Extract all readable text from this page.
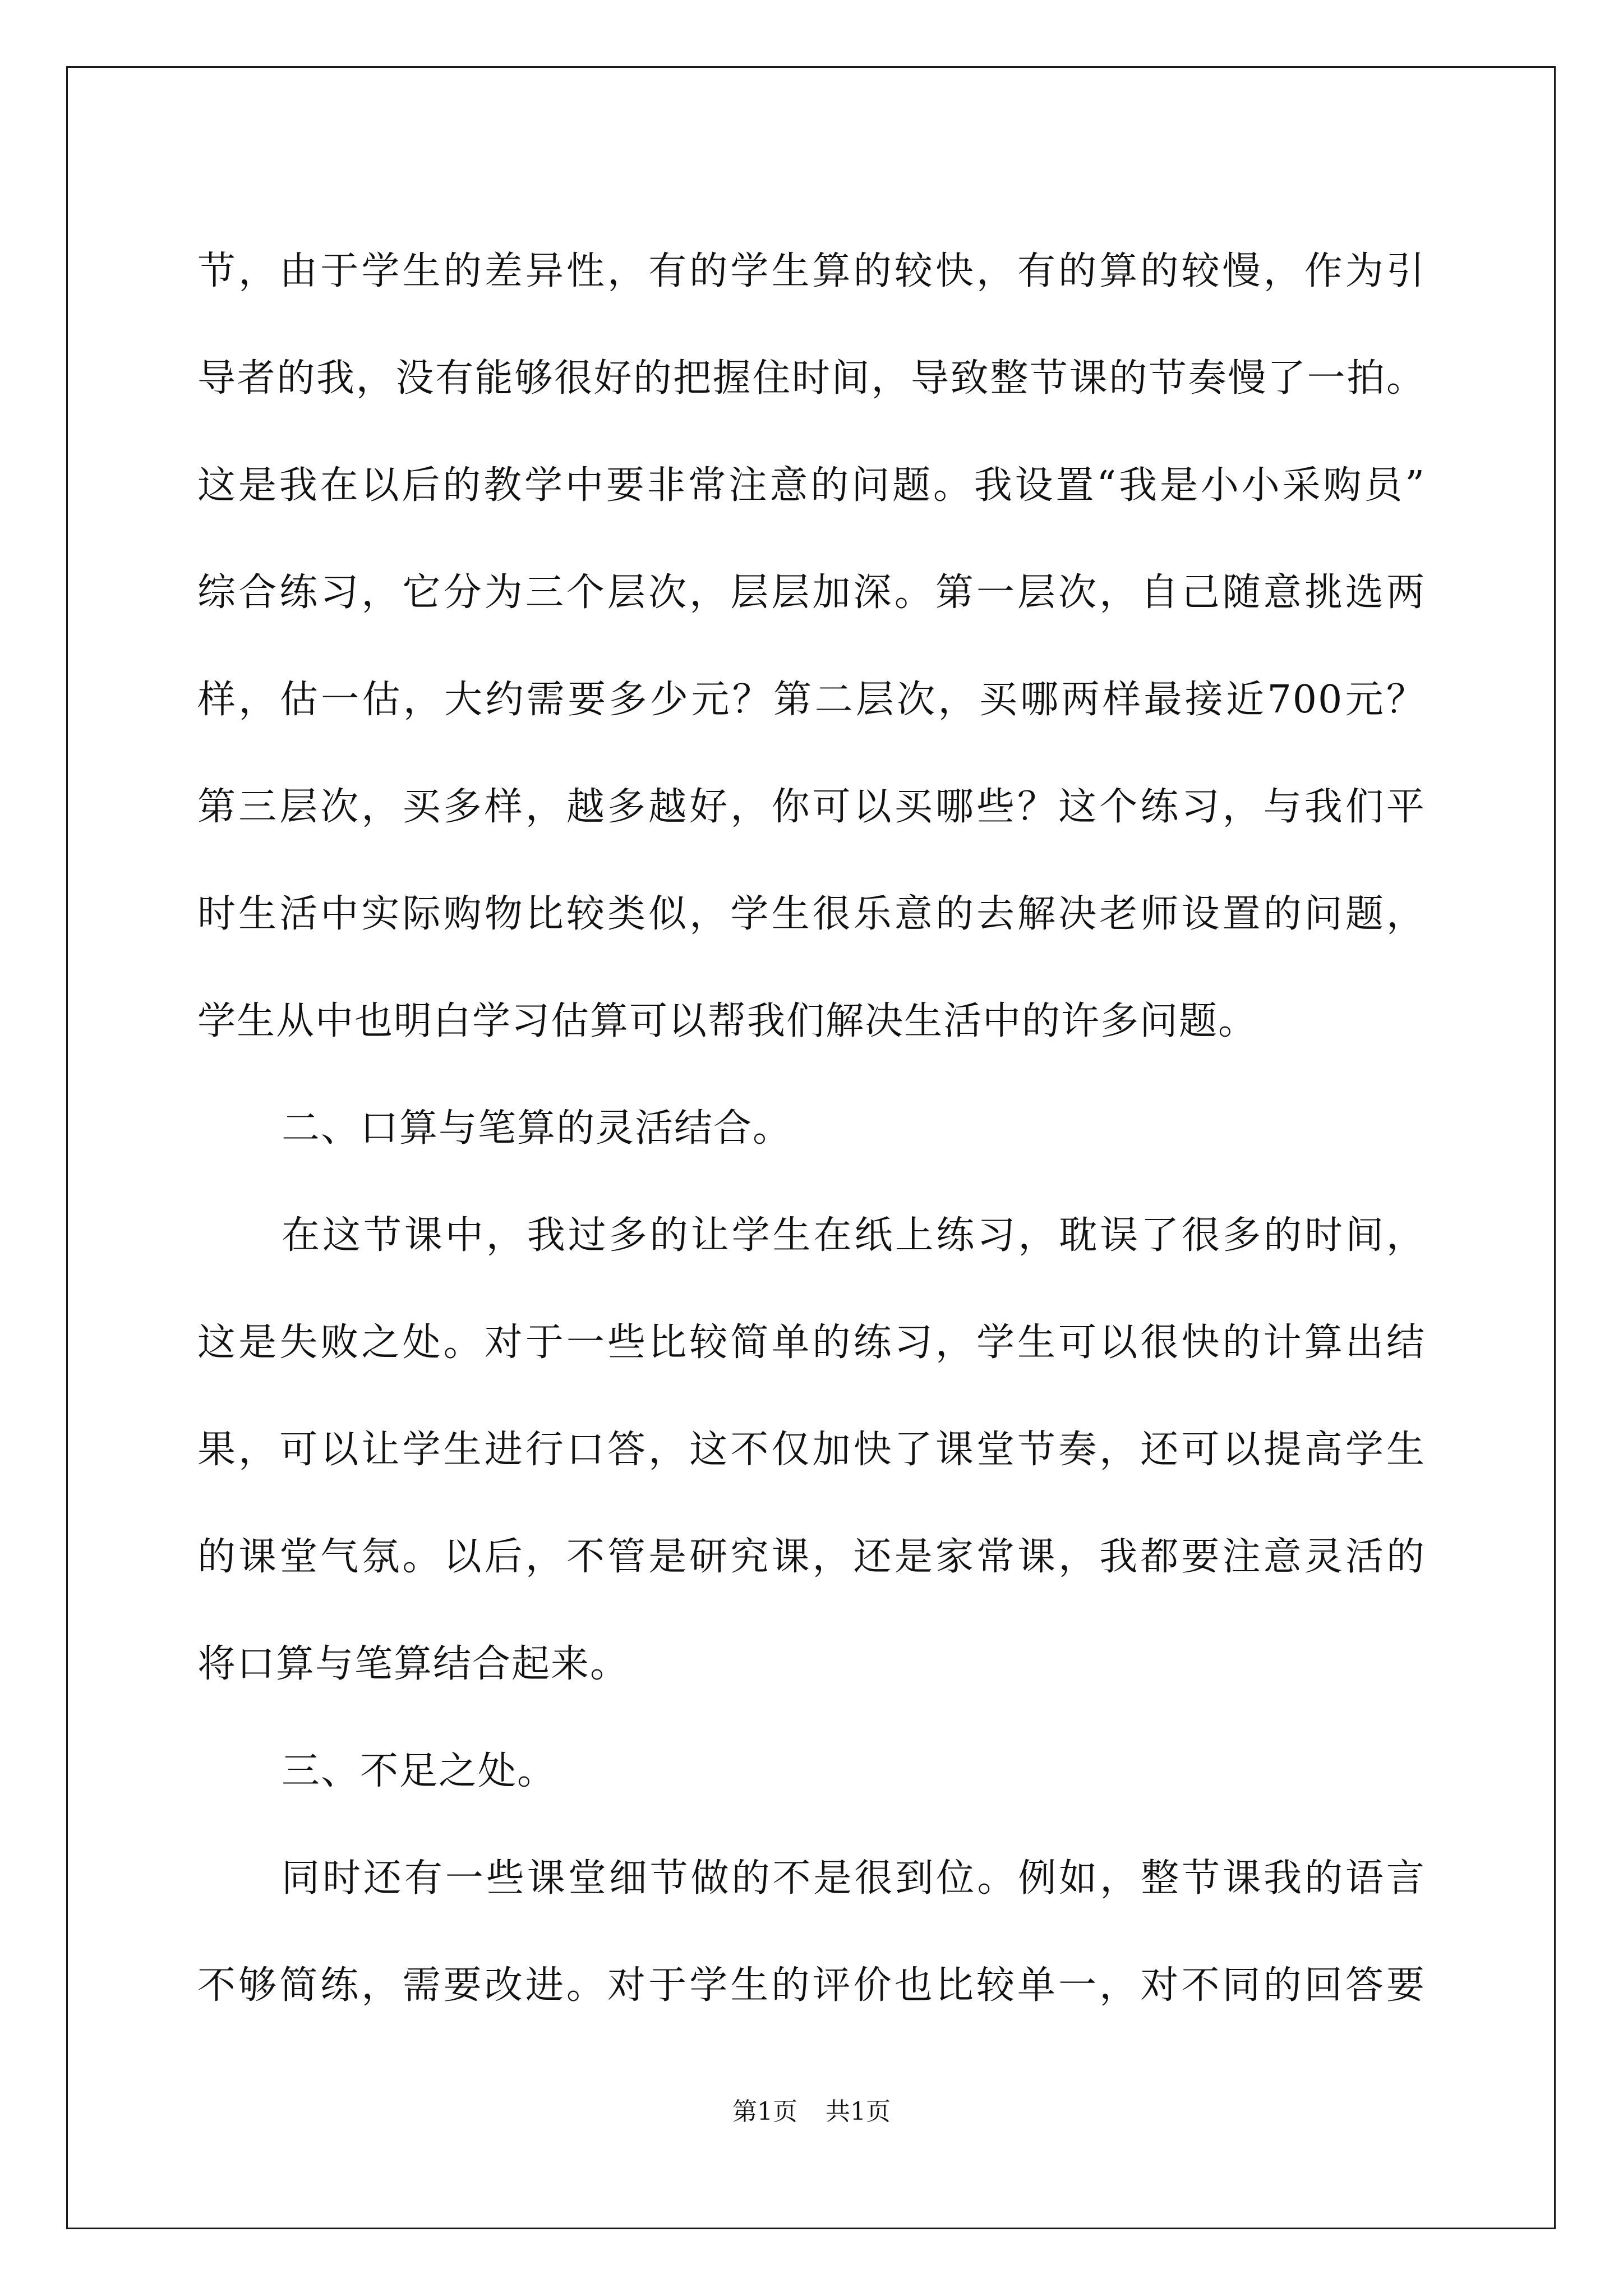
节，由于学生的差异性，有的学生算的较快，有的算的较慢，作为引
导者的我，没有能够很好的把握住时间，导致整节课的节奏慢了一拍。
这是我在以后的教学中要非常注意的问题。我设置“我是小小采购员”
综合练习，它分为三个层次，层层加深。第一层次，自己随意挑选两
样，估一估，大约需要多少元？第二层次，买哪两样最接近700元？
第三层次，买多样，越多越好，你可以买哪些？这个练习，与我们平
时生活中实际购物比较类似，学生很乐意的去解决老师设置的问题，
学生从中也明白学习估算可以帮我们解决生活中的许多问题。
二、口算与笔算的灵活结合。
在这节课中，我过多的让学生在纸上练习，耽误了很多的时间，
这是失败之处。对于一些比较简单的练习，学生可以很快的计算出结
果，可以让学生进行口答，这不仅加快了课堂节奏，还可以提高学生
的课堂气氛。以后，不管是研究课，还是家常课，我都要注意灵活的
将口算与笔算结合起来。
三、不足之处。
同时还有一些课堂细节做的不是很到位。例如，整节课我的语言
不够简练，需要改进。对于学生的评价也比较单一，对不同的回答要
第1页 共1页
